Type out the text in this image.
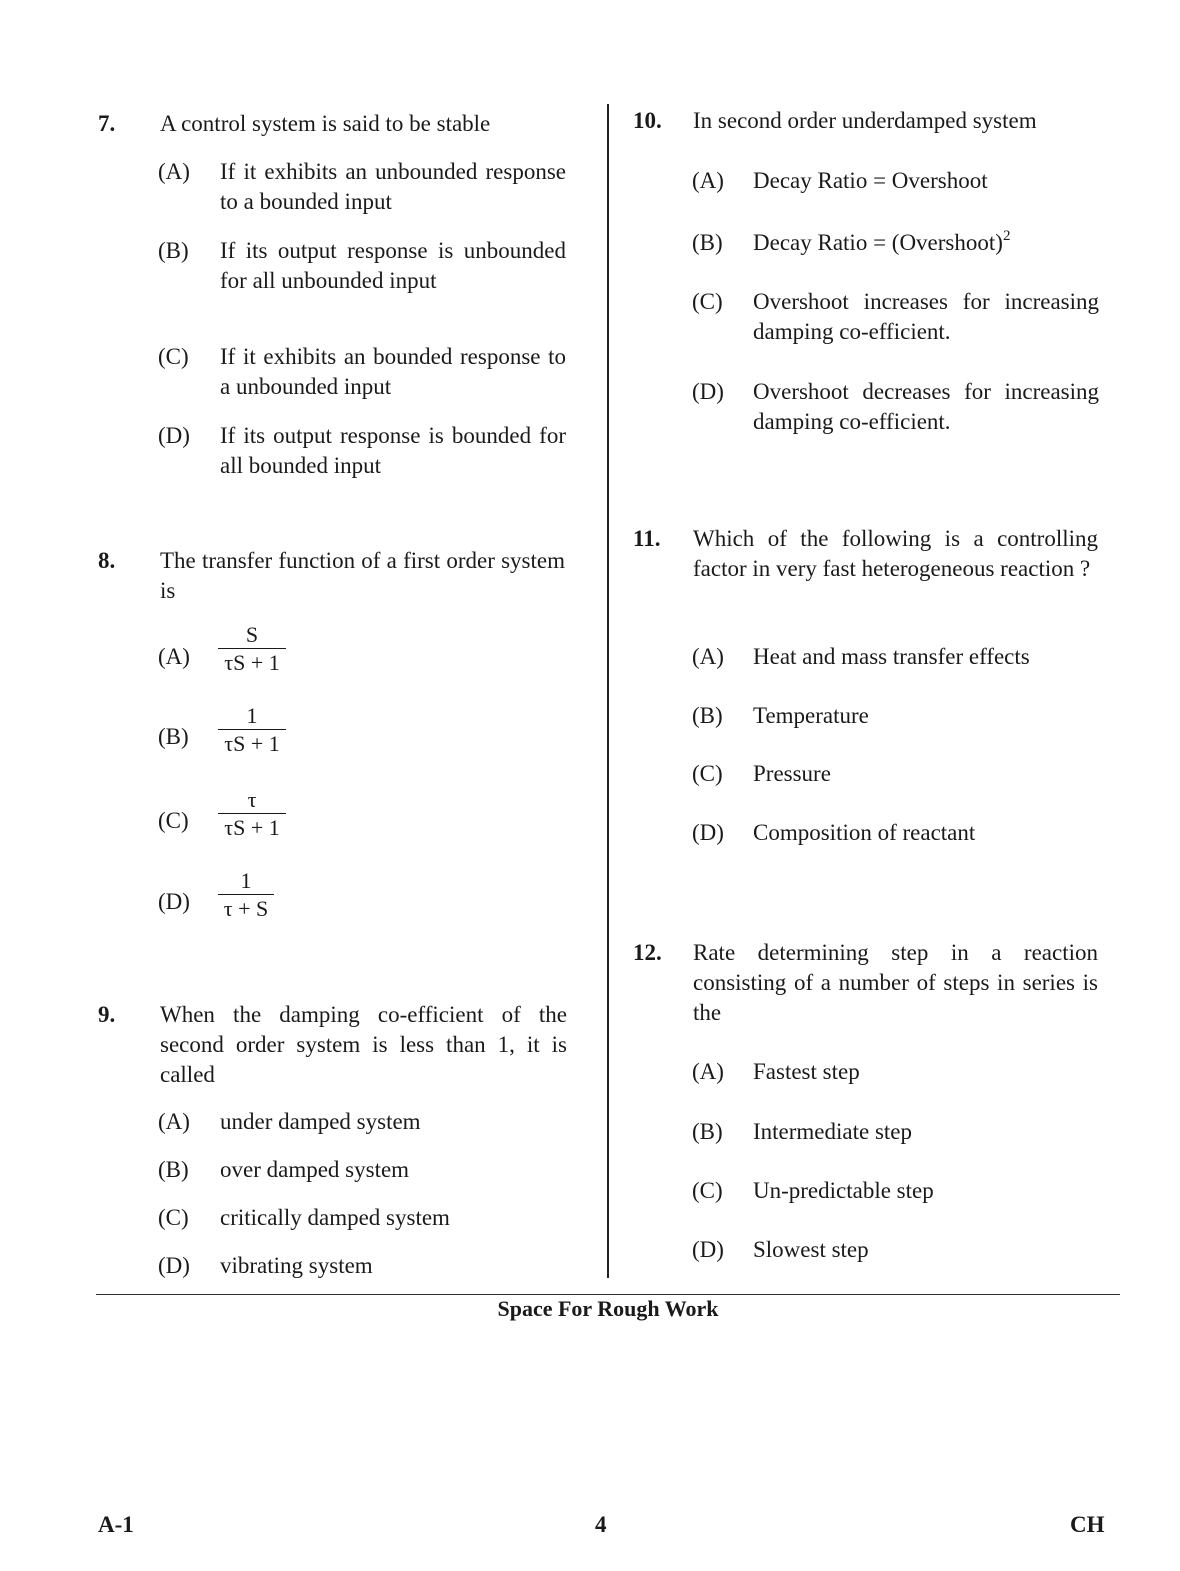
7. A control system is said to be stable
(A) If it exhibits an unbounded response to a bounded input
(B) If its output response is unbounded for all unbounded input
(C) If it exhibits an bounded response to a unbounded input
(D) If its output response is bounded for all bounded input
8. The transfer function of a first order system is
(A)
S
τS + 1
(B)
1
τS + 1
(C)
τ
τS + 1
(D)
1
τ + S
9. When the damping co-efficient of the second order system is less than 1, it is called
(A) under damped system
(B) over damped system
(C) critically damped system
(D) vibrating system
10. In second order underdamped system
(A) Decay Ratio = Overshoot
(B) Decay Ratio = (Overshoot)$^2$
(C) Overshoot increases for increasing damping co-efficient.
(D) Overshoot decreases for increasing damping co-efficient.
11. Which of the following is a controlling factor in very fast heterogeneous reaction ?
(A) Heat and mass transfer effects
(B) Temperature
(C) Pressure
(D) Composition of reactant
12. Rate determining step in a reaction consisting of a number of steps in series is the
(A) Fastest step
(B) Intermediate step
(C) Un-predictable step
(D) Slowest step
Space For Rough Work
A-1	4	CH
